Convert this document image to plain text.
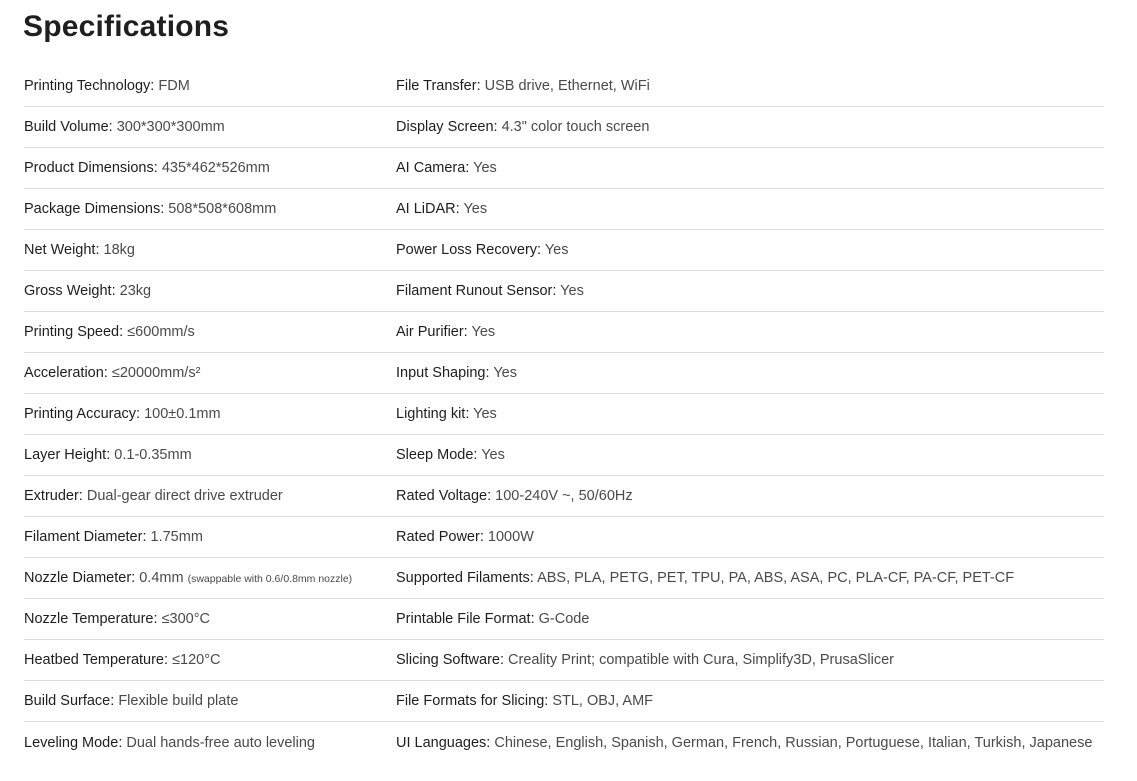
Specifications
Printing Technology: FDM	File Transfer: USB drive, Ethernet, WiFi
Build Volume: 300*300*300mm	Display Screen: 4.3" color touch screen
Product Dimensions: 435*462*526mm	AI Camera: Yes
Package Dimensions: 508*508*608mm	AI LiDAR: Yes
Net Weight: 18kg	Power Loss Recovery: Yes
Gross Weight: 23kg	Filament Runout Sensor: Yes
Printing Speed: ≤600mm/s	Air Purifier: Yes
Acceleration: ≤20000mm/s²	Input Shaping: Yes
Printing Accuracy: 100±0.1mm	Lighting kit: Yes
Layer Height: 0.1-0.35mm	Sleep Mode: Yes
Extruder: Dual-gear direct drive extruder	Rated Voltage: 100-240V ~, 50/60Hz
Filament Diameter: 1.75mm	Rated Power: 1000W
Nozzle Diameter: 0.4mm (swappable with 0.6/0.8mm nozzle)	Supported Filaments: ABS, PLA, PETG, PET, TPU, PA, ABS, ASA, PC, PLA-CF, PA-CF, PET-CF
Nozzle Temperature: ≤300°C	Printable File Format: G-Code
Heatbed Temperature: ≤120°C	Slicing Software: Creality Print; compatible with Cura, Simplify3D, PrusaSlicer
Build Surface: Flexible build plate	File Formats for Slicing: STL, OBJ, AMF
Leveling Mode: Dual hands-free auto leveling	UI Languages: Chinese, English, Spanish, German, French, Russian, Portuguese, Italian, Turkish, Japanese
